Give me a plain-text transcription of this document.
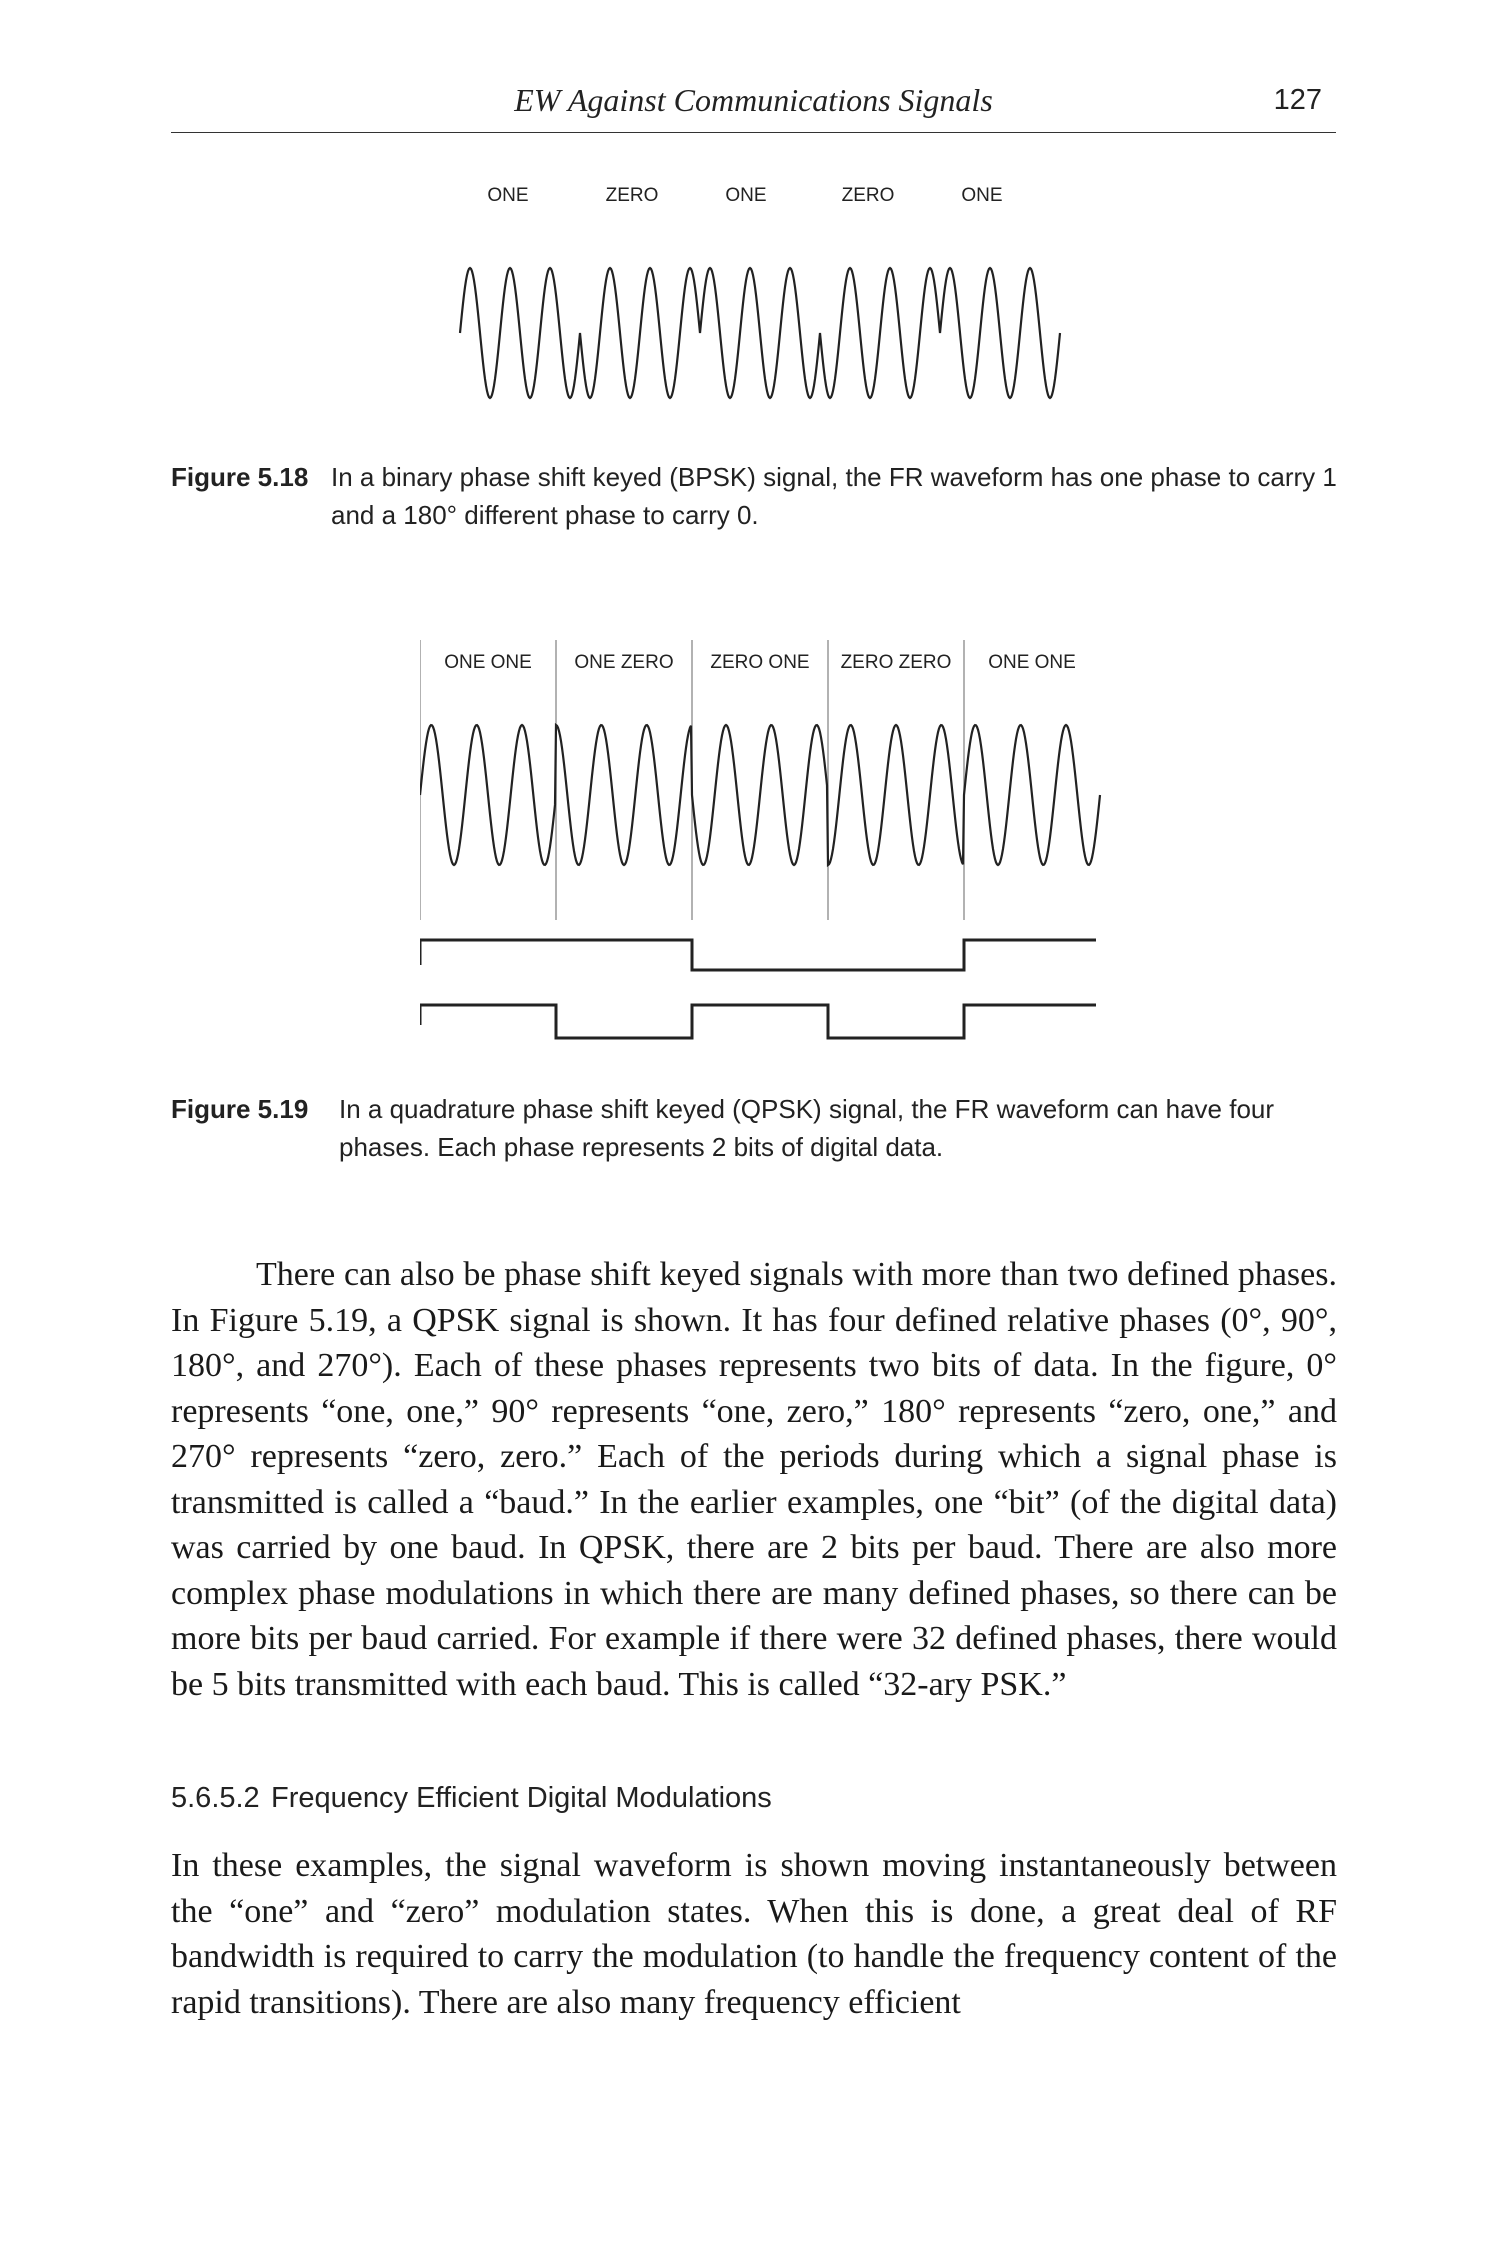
EW Against Communications Signals	127
ONE	ZERO	ONE	ZERO	ONE
Figure 5.18 In a binary phase shift keyed (BPSK) signal, the FR waveform has one phase to carry 1 and a 180° different phase to carry 0.
ONE ONE ONE ZERO ZERO ONE ZERO ZERO ONE ONE
Figure 5.19 In a quadrature phase shift keyed (QPSK) signal, the FR waveform can have four phases. Each phase represents 2 bits of digital data.

There can also be phase shift keyed signals with more than two defined phases. In Figure 5.19, a QPSK signal is shown. It has four defined relative phases (0°, 90°, 180°, and 270°). Each of these phases represents two bits of data. In the figure, 0° represents “one, one,” 90° represents “one, zero,” 180° represents “zero, one,” and 270° represents “zero, zero.” Each of the periods during which a signal phase is transmitted is called a “baud.” In the earlier examples, one “bit” (of the digital data) was carried by one baud. In QPSK, there are 2 bits per baud. There are also more complex phase modulations in which there are many defined phases, so there can be more bits per baud carried. For example if there were 32 defined phases, there would be 5 bits transmitted with each baud. This is called “32-ary PSK.”

5.6.5.2 Frequency Efficient Digital Modulations

In these examples, the signal waveform is shown moving instantaneously between the “one” and “zero” modulation states. When this is done, a great deal of RF bandwidth is required to carry the modulation (to handle the frequency content of the rapid transitions). There are also many frequency efficient
